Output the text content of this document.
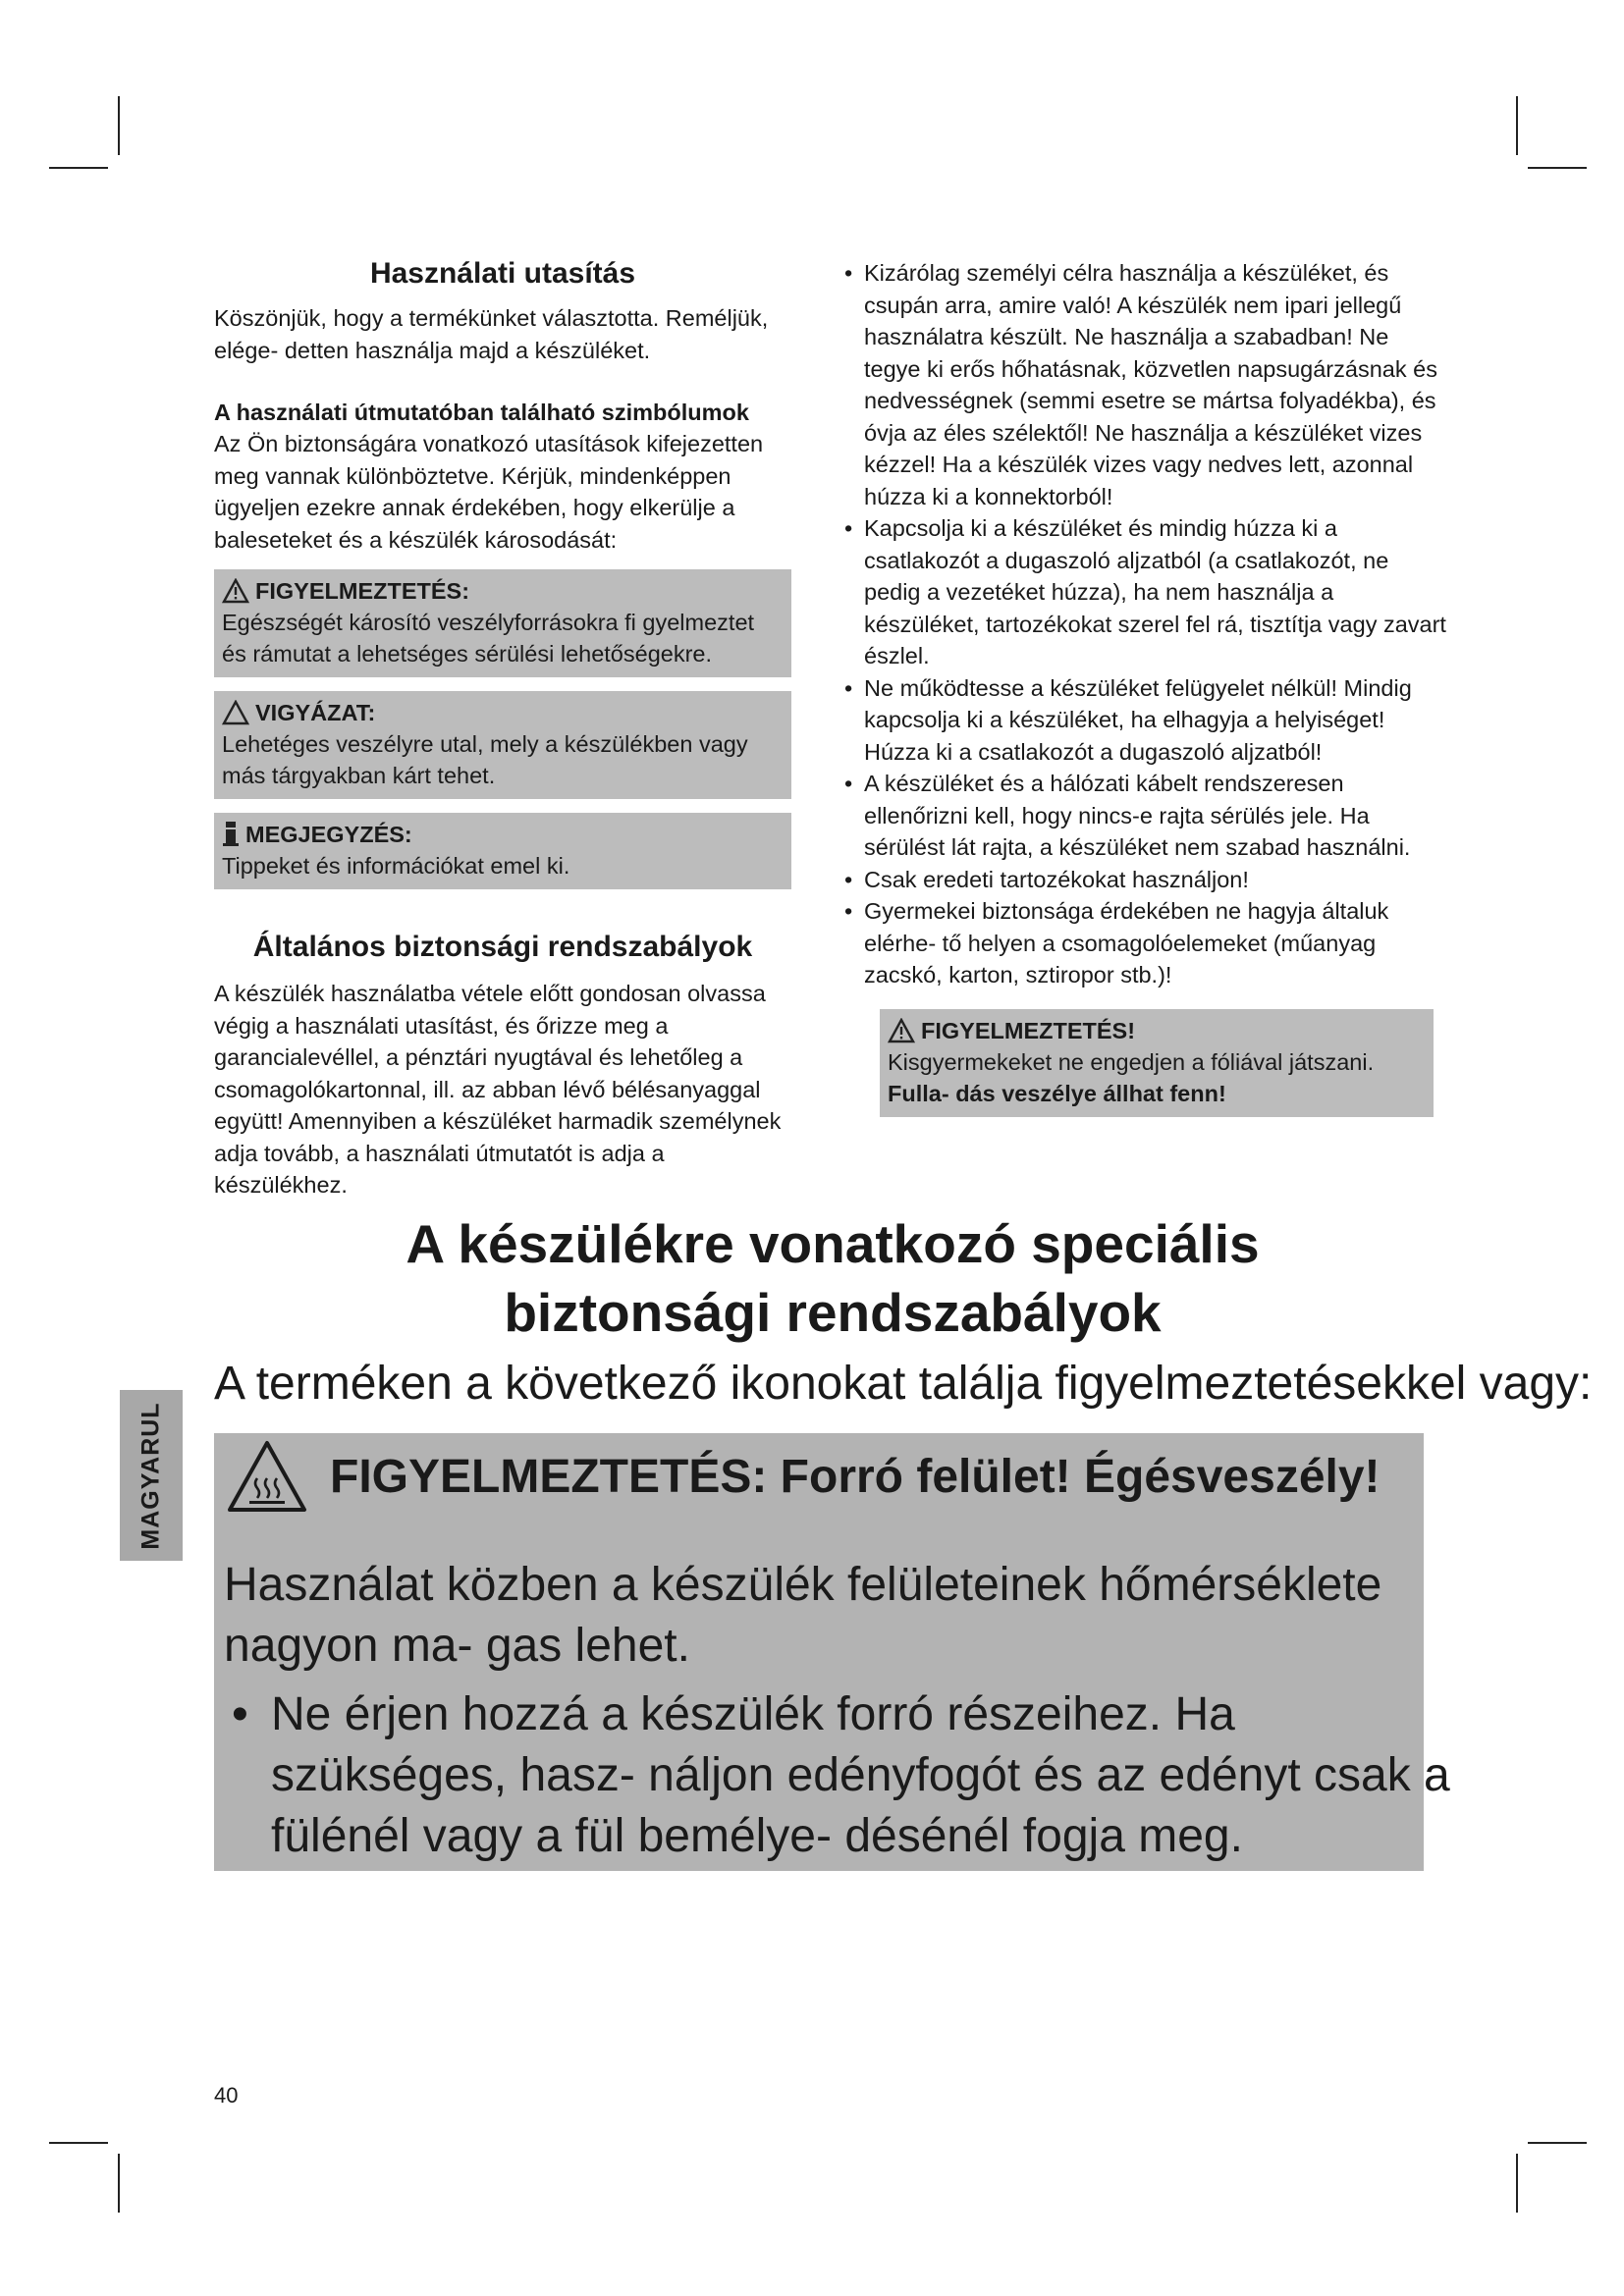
Használati utasítás

Köszönjük, hogy a termékünket választotta. Reméljük, elége- detten használja majd a készüléket.

A használati útmutatóban található szimbólumok

Az Ön biztonságára vonatkozó utasítások kifejezetten meg vannak különböztetve. Kérjük, mindenképpen ügyeljen ezekre annak érdekében, hogy elkerülje a baleseteket és a készülék károsodását:

FIGYELMEZTETÉS:
Egészségét károsító veszélyforrásokra fi gyelmeztet és rámutat a lehetséges sérülési lehetőségekre.
VIGYÁZAT:
Lehetéges veszélyre utal, mely a készülékben vagy más tárgyakban kárt tehet.
MEGJEGYZÉS:
Tippeket és információkat emel ki.

Általános biztonsági rendszabályok

A készülék használatba vétele előtt gondosan olvassa végig a használati utasítást, és őrizze meg a garancialevéllel, a pénztári nyugtával és lehetőleg a csomagolókartonnal, ill. az abban lévő bélésanyaggal együtt! Amennyiben a készüléket harmadik személynek adja tovább, a használati útmutatót is adja a készülékhez.

• Kizárólag személyi célra használja a készüléket, és csupán arra, amire való! A készülék nem ipari jellegű használatra készült. Ne használja a szabadban! Ne tegye ki erős hőhatásnak, közvetlen napsugárzásnak és nedvességnek (semmi esetre se mártsa folyadékba), és óvja az éles szélektől! Ne használja a készüléket vizes kézzel! Ha a készülék vizes vagy nedves lett, azonnal húzza ki a konnektorból!
• Kapcsolja ki a készüléket és mindig húzza ki a csatlakozót a dugaszoló aljzatból (a csatlakozót, ne pedig a vezetéket húzza), ha nem használja a készüléket, tartozékokat szerel fel rá, tisztítja vagy zavart észlel.
• Ne működtesse a készüléket felügyelet nélkül! Mindig kapcsolja ki a készüléket, ha elhagyja a helyiséget! Húzza ki a csatlakozót a dugaszoló aljzatból!
• A készüléket és a hálózati kábelt rendszeresen ellenőrizni kell, hogy nincs-e rajta sérülés jele. Ha sérülést lát rajta, a készüléket nem szabad használni.
• Csak eredeti tartozékokat használjon!
• Gyermekei biztonsága érdekében ne hagyja általuk elérhe- tő helyen a csomagolóelemeket (műanyag zacskó, karton, sztiropor stb.)!
FIGYELMEZTETÉS!
Kisgyermekeket ne engedjen a fóliával játszani. Fulla- dás veszélye állhat fenn!

A készülékre vonatkozó speciális
biztonsági rendszabályok

A terméken a következő ikonokat találja figyelmeztetésekkel vagy:

MAGYARUL	FIGYELMEZTETÉS: Forró felület! Égésveszély!

Használat közben a készülék felületeinek hőmérséklete nagyon ma- gas lehet.

• Ne érjen hozzá a készülék forró részeihez. Ha szükséges, hasz- náljon edényfogót és az edényt csak a fülénél vagy a fül bemélye- désénél fogja meg.

40
